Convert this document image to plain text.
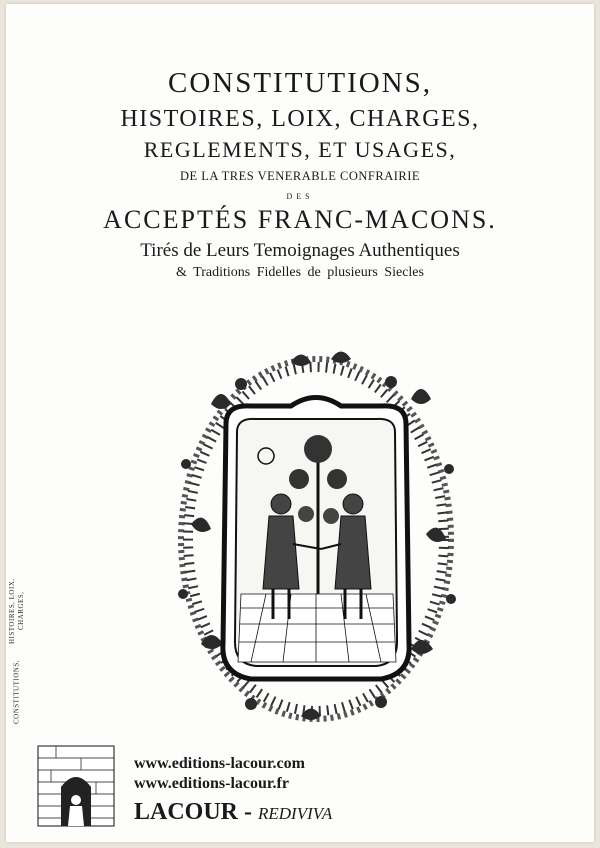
CONSTITUTIONS,
HISTOIRES, LOIX, CHARGES,

CONSTITUTIONS,

HISTOIRES, LOIX, CHARGES,

REGLEMENTS, ET USAGES,

DE LA TRES VENERABLE CONFRAIRIE

DES

ACCEPTÉS FRANC-MACONS.

Tirés de Leurs Temoignages Authentiques

& Traditions Fidelles de plusieurs Siecles

www.editions-lacour.com

www.editions-lacour.fr

LACOUR - REDIVIVA
